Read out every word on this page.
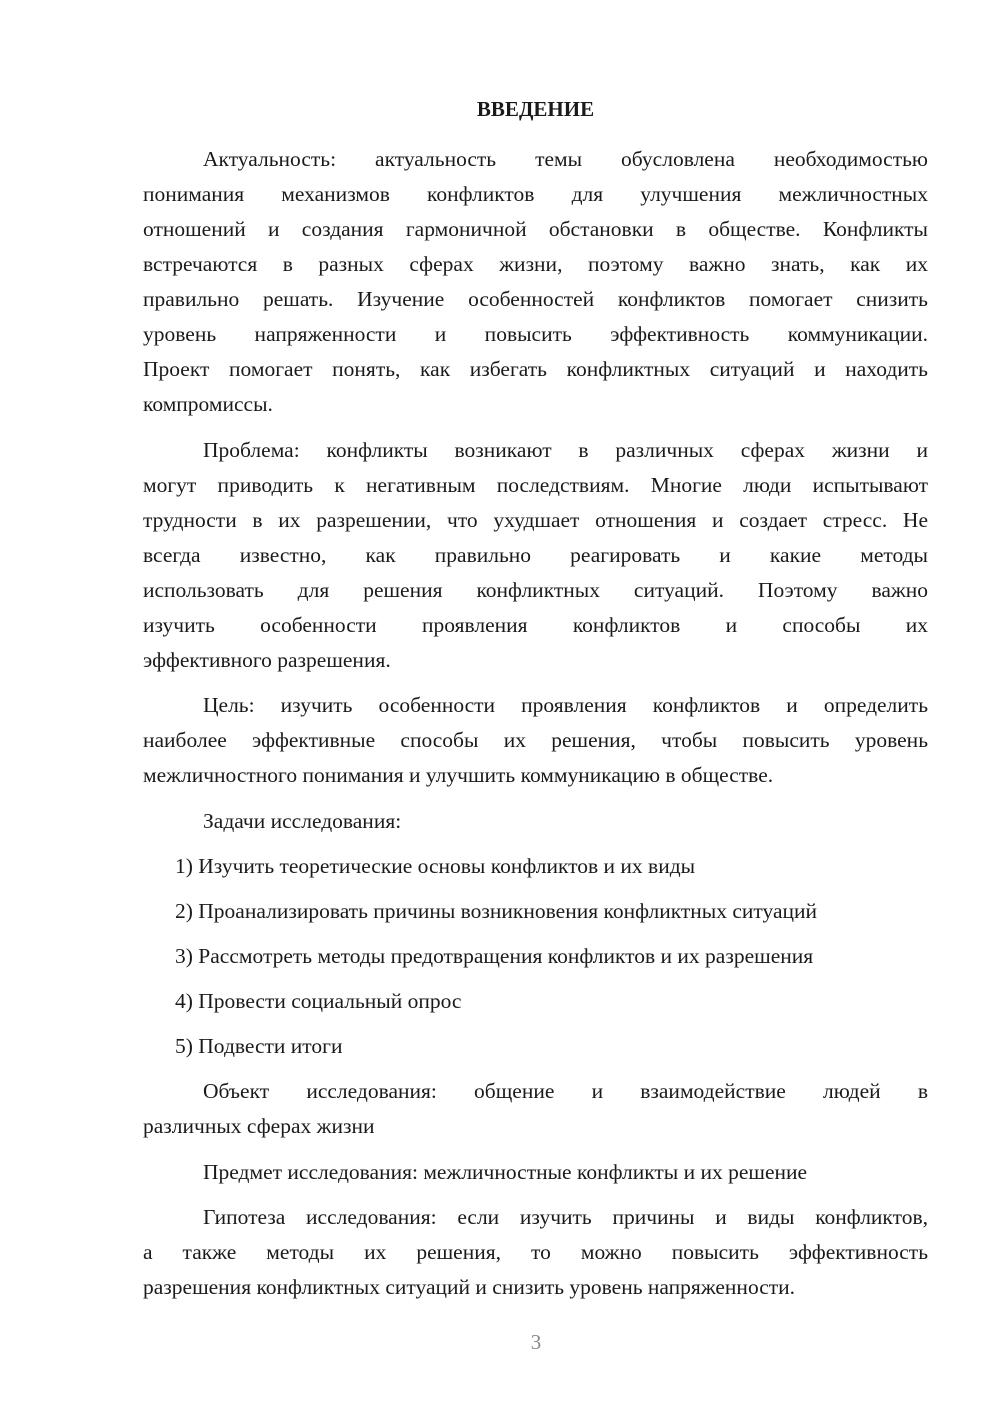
ВВЕДЕНИЕ
Актуальность: актуальность темы обусловлена необходимостью
понимания механизмов конфликтов для улучшения межличностных
отношений и создания гармоничной обстановки в обществе. Конфликты
встречаются в разных сферах жизни, поэтому важно знать, как их
правильно решать. Изучение особенностей конфликтов помогает снизить
уровень напряженности и повысить эффективность коммуникации.
Проект помогает понять, как избегать конфликтных ситуаций и находить
компромиссы.
Проблема: конфликты возникают в различных сферах жизни и
могут приводить к негативным последствиям. Многие люди испытывают
трудности в их разрешении, что ухудшает отношения и создает стресс. Не
всегда известно, как правильно реагировать и какие методы
использовать для решения конфликтных ситуаций. Поэтому важно
изучить особенности проявления конфликтов и способы их
эффективного разрешения.
Цель: изучить особенности проявления конфликтов и определить
наиболее эффективные способы их решения, чтобы повысить уровень
межличностного понимания и улучшить коммуникацию в обществе.
Задачи исследования:
1) Изучить теоретические основы конфликтов и их виды
2) Проанализировать причины возникновения конфликтных ситуаций
3) Рассмотреть методы предотвращения конфликтов и их разрешения
4) Провести социальный опрос
5) Подвести итоги
Объект исследования: общение и взаимодействие людей в
различных сферах жизни
Предмет исследования: межличностные конфликты и их решение
Гипотеза исследования: если изучить причины и виды конфликтов,
а также методы их решения, то можно повысить эффективность
разрешения конфликтных ситуаций и снизить уровень напряженности.
3
